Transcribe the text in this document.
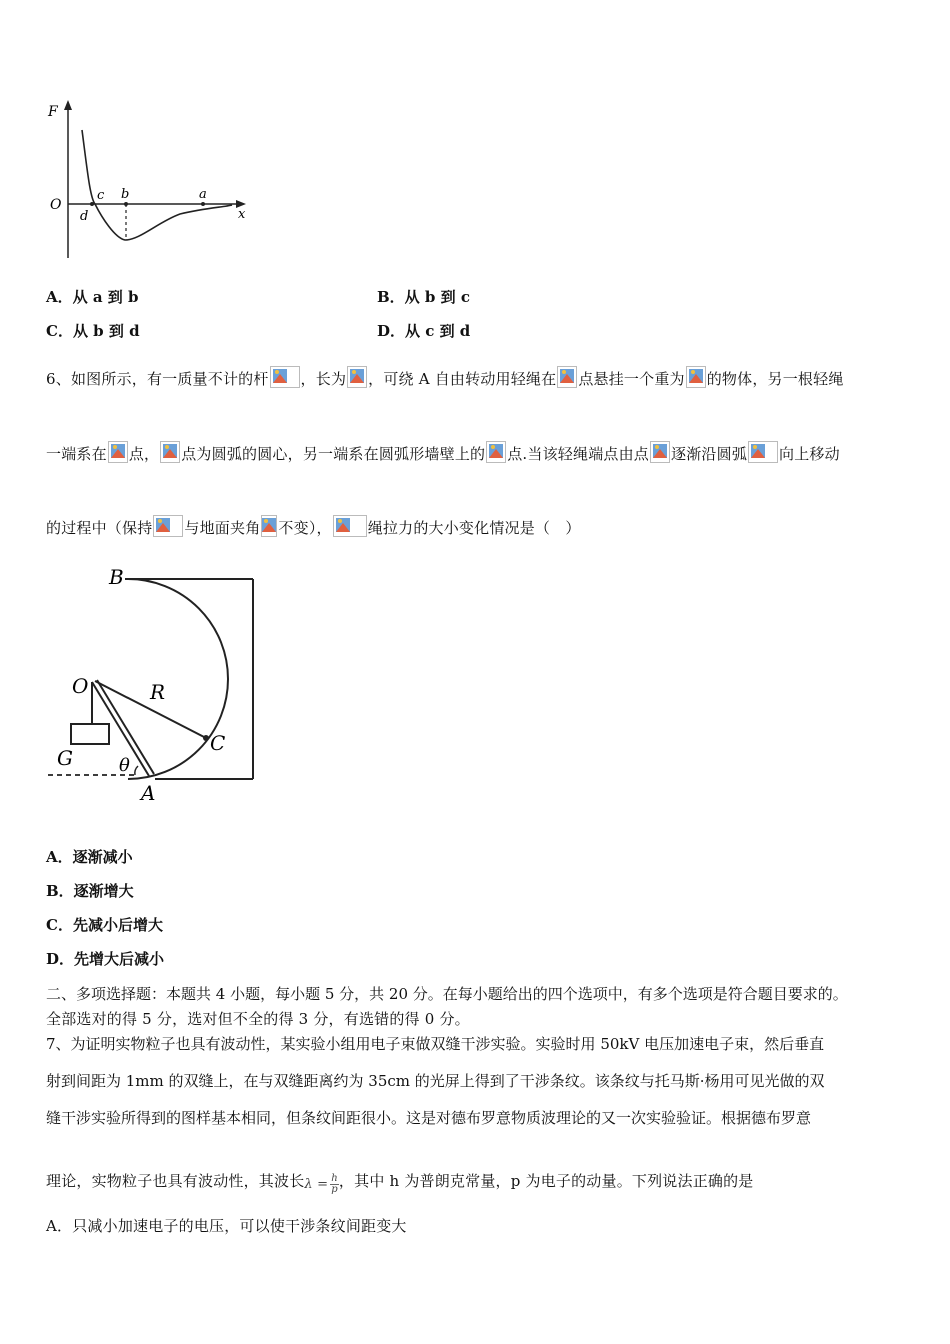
F
x
O
d
c b	a
A．从 a 到 b	B．从 b 到 c
C．从 b 到 d	D．从 c 到 d
6、如图所示，有一质量不计的杆 ，长为 ，可绕 A 自由转动用轻绳在 点悬挂一个重为 的物体，另一根轻绳
一端系在 点， 点为圆弧的圆心，另一端系在圆弧形墙壁上的 点.当该轻绳端点由点 逐渐沿圆弧 向上移动
的过程中（保持 与地面夹角 不变）， 绳拉力的大小变化情况是（　）
B
O	R
G	θ
C
A
A．逐渐减小
B．逐渐增大
C．先减小后增大
D．先增大后减小
二、多项选择题：本题共 4 小题，每小题 5 分，共 20 分。在每小题给出的四个选项中，有多个选项是符合题目要求的。
全部选对的得 5 分，选对但不全的得 3 分，有选错的得 0 分。
7、为证明实物粒子也具有波动性，某实验小组用电子束做双缝干涉实验。实验时用 50kV 电压加速电子束，然后垂直
射到间距为 1mm 的双缝上，在与双缝距离约为 35cm 的光屏上得到了干涉条纹。该条纹与托马斯·杨用可见光做的双
缝干涉实验所得到的图样基本相同，但条纹间距很小。这是对德布罗意物质波理论的又一次实验验证。根据德布罗意
理论，实物粒子也具有波动性，其波长$\lambda = \frac{h}{p}$ ，其中 h 为普朗克常量，p 为电子的动量。下列说法正确的是
A．只减小加速电子的电压，可以使干涉条纹间距变大
